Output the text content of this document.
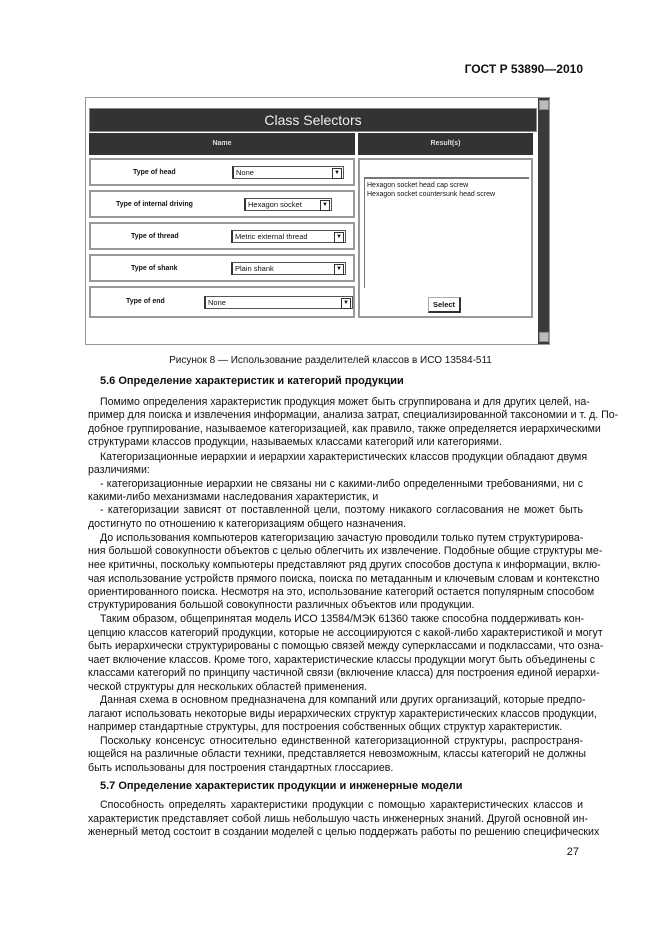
ГОСТ Р 53890—2010
Class Selectors
Name	Result(s)
Type of head	None	▼
Type of internal driving	Hexagon socket	▼
Type of thread	Metric external thread	▼
Type of shank	Plain shank	▼
Type of end	None	▼
Hexagon socket head cap screw
Hexagon socket countersunk head screw
Select
Рисунок 8 — Использование разделителей классов в ИСО 13584-511
5.6 Определение характеристик и категорий продукции
Помимо определения характеристик продукция может быть сгруппирована и для других целей, на-
пример для поиска и извлечения информации, анализа затрат, специализированной таксономии и т. д. По-
добное группирование, называемое категоризацией, как правило, также определяется иерархическими
структурами классов продукции, называемых классами категорий или категориями.
Категоризационные иерархии и иерархии характеристических классов продукции обладают двумя
различиями:
- категоризационные иерархии не связаны ни с какими-либо определенными требованиями, ни с
какими-либо механизмами наследования характеристик, и
- категоризации зависят от поставленной цели, поэтому никакого согласования не может быть
достигнуто по отношению к категоризациям общего назначения.
До использования компьютеров категоризацию зачастую проводили только путем структурирова-
ния большой совокупности объектов с целью облегчить их извлечение. Подобные общие структуры ме-
нее критичны, поскольку компьютеры представляют ряд других способов доступа к информации, вклю-
чая использование устройств прямого поиска, поиска по метаданным и ключевым словам и контекстно
ориентированного поиска. Несмотря на это, использование категорий остается популярным способом
структурирования большой совокупности различных объектов или продукции.
Таким образом, общепринятая модель ИСО 13584/МЭК 61360 также способна поддерживать кон-
цепцию классов категорий продукции, которые не ассоциируются с какой-либо характеристикой и могут
быть иерархически структурированы с помощью связей между суперклассами и подклассами, что озна-
чает включение классов. Кроме того, характеристические классы продукции могут быть объединены с
классами категорий по принципу частичной связи (включение класса) для построения единой иерархи-
ческой структуры для нескольких областей применения.
Данная схема в основном предназначена для компаний или других организаций, которые предпо-
лагают использовать некоторые виды иерархических структур характеристических классов продукции,
например стандартные структуры, для построения собственных общих структур характеристик.
Поскольку консенсус относительно единственной категоризационной структуры, распространя-
ющейся на различные области техники, представляется невозможным, классы категорий не должны
быть использованы для построения стандартных глоссариев.
5.7 Определение характеристик продукции и инженерные модели
Способность определять характеристики продукции с помощью характеристических классов и
характеристик представляет собой лишь небольшую часть инженерных знаний. Другой основной ин-
женерный метод состоит в создании моделей с целью поддержать работы по решению специфических
27
